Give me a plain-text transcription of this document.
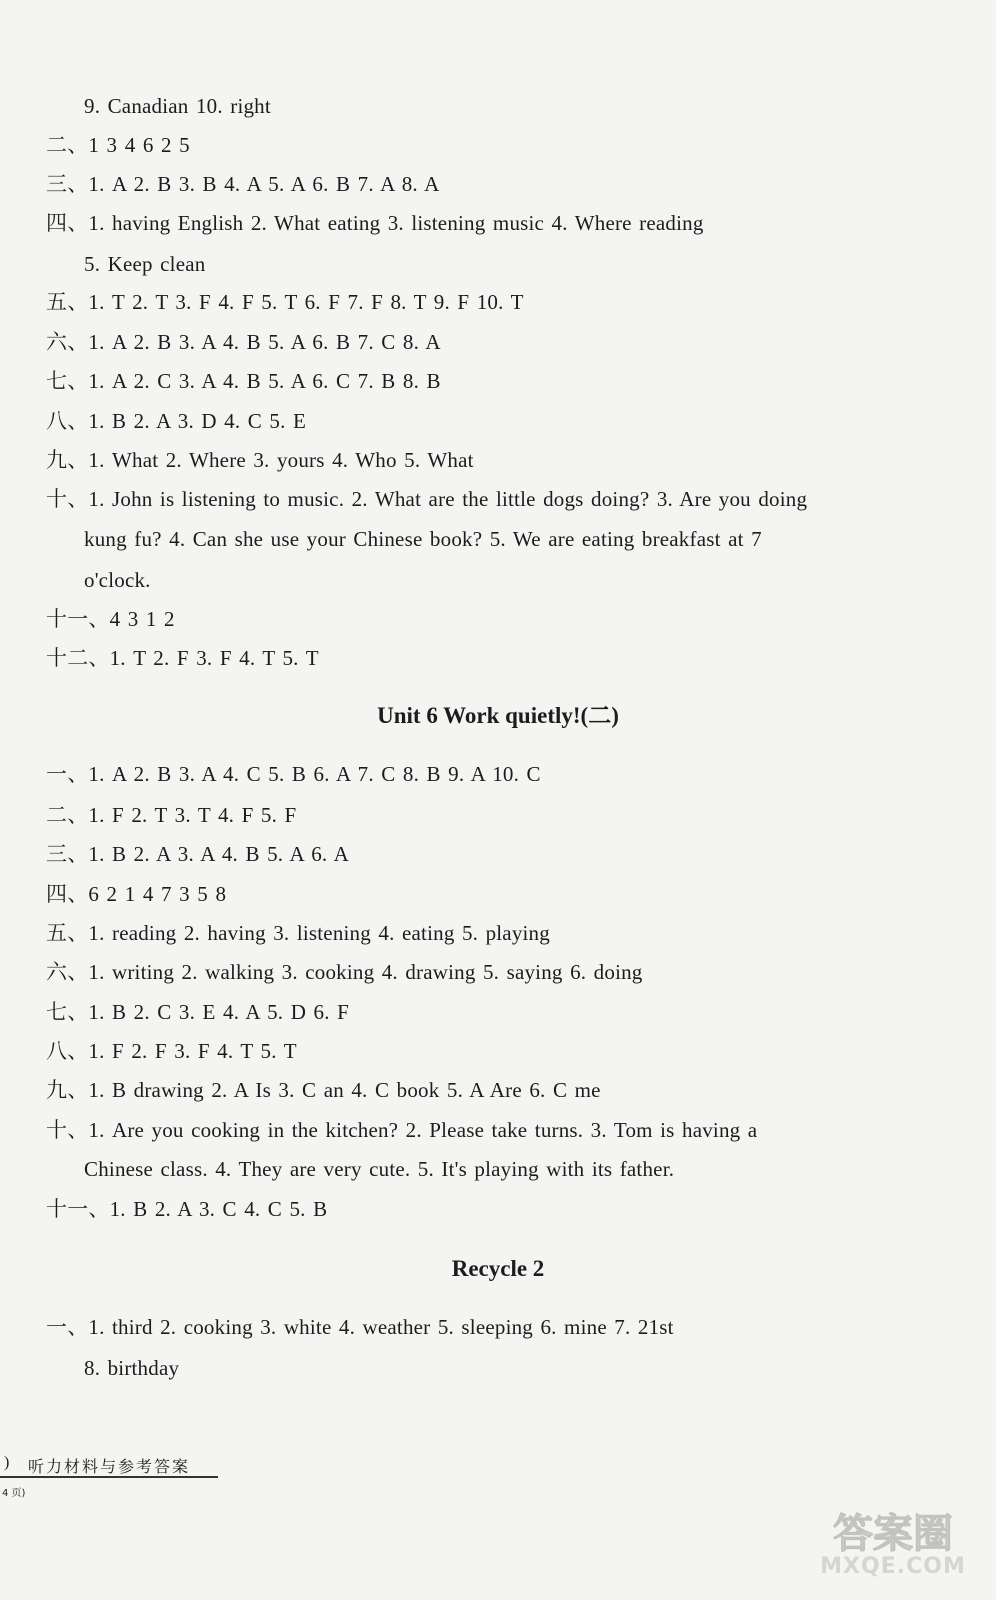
9. Canadian 10. right
二、1 3 4 6 2 5
三、1. A 2. B 3. B 4. A 5. A 6. B 7. A 8. A
四、1. having English 2. What eating 3. listening music 4. Where reading
5. Keep clean
五、1. T 2. T 3. F 4. F 5. T 6. F 7. F 8. T 9. F 10. T
六、1. A 2. B 3. A 4. B 5. A 6. B 7. C 8. A
七、1. A 2. C 3. A 4. B 5. A 6. C 7. B 8. B
八、1. B 2. A 3. D 4. C 5. E
九、1. What 2. Where 3. yours 4. Who 5. What
十、1. John is listening to music. 2. What are the little dogs doing? 3. Are you doing
kung fu? 4. Can she use your Chinese book? 5. We are eating breakfast at 7
o'clock.
十一、4 3 1 2
十二、1. T 2. F 3. F 4. T 5. T
Unit 6 Work quietly!(二)
一、1. A 2. B 3. A 4. C 5. B 6. A 7. C 8. B 9. A 10. C
二、1. F 2. T 3. T 4. F 5. F
三、1. B 2. A 3. A 4. B 5. A 6. A
四、6 2 1 4 7 3 5 8
五、1. reading 2. having 3. listening 4. eating 5. playing
六、1. writing 2. walking 3. cooking 4. drawing 5. saying 6. doing
七、1. B 2. C 3. E 4. A 5. D 6. F
八、1. F 2. F 3. F 4. T 5. T
九、1. B drawing 2. A Is 3. C an 4. C book 5. A Are 6. C me
十、1. Are you cooking in the kitchen? 2. Please take turns. 3. Tom is having a
Chinese class. 4. They are very cute. 5. It's playing with its father.
十一、1. B 2. A 3. C 4. C 5. B
Recycle 2
一、1. third 2. cooking 3. white 4. weather 5. sleeping 6. mine 7. 21st
8. birthday
) 听力材料与参考答案
4 页)
答案圈
MXQE.COM
